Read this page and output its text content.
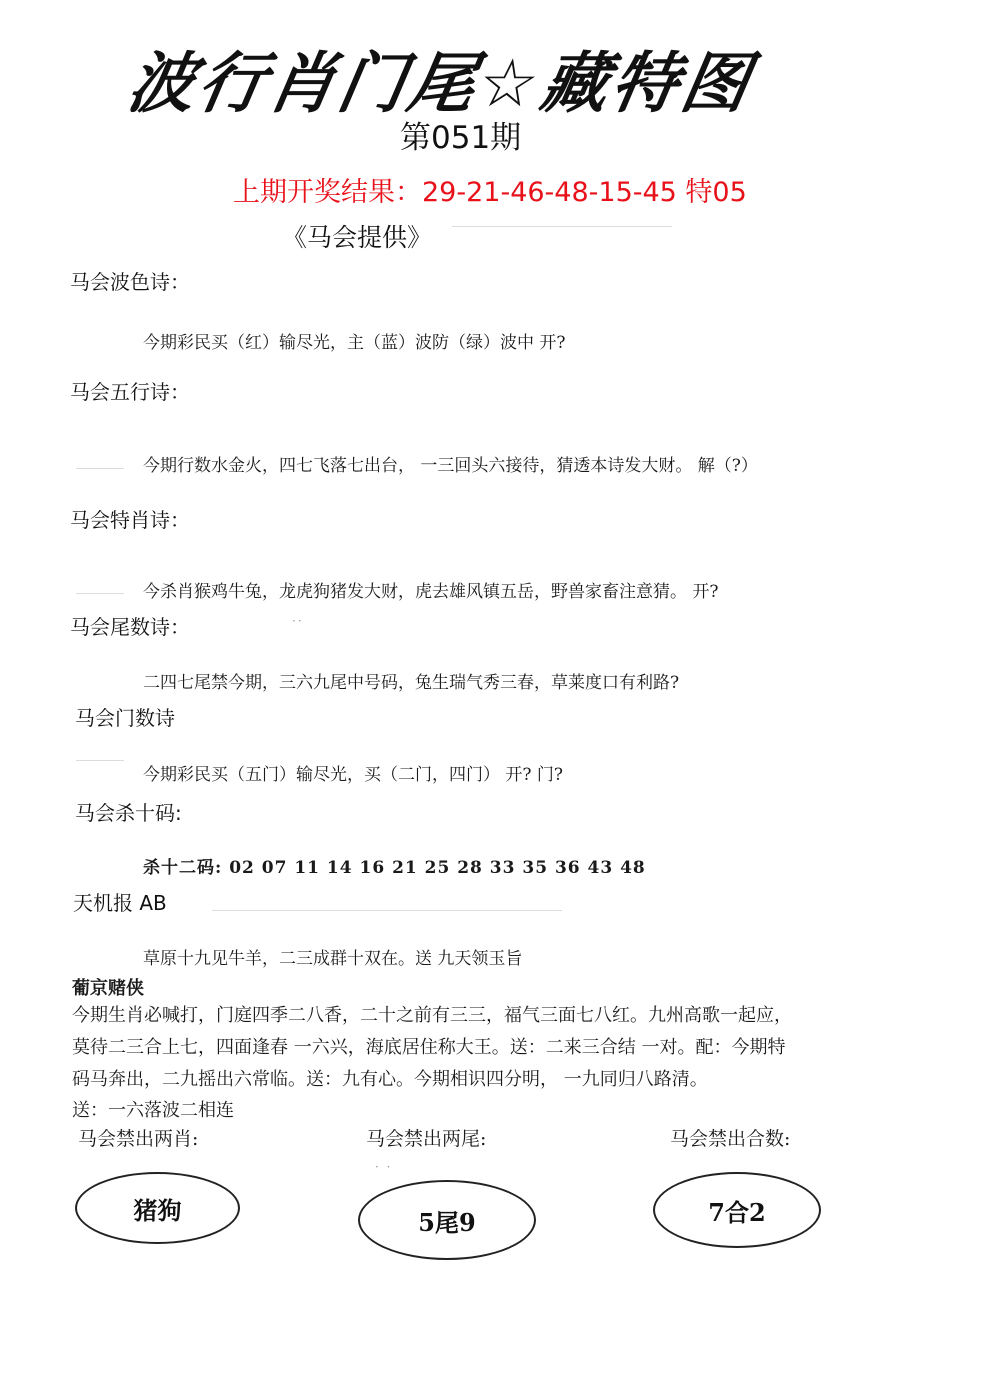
波行肖门尾☆藏特图
第051期
上期开奖结果：29-21-46-48-15-45 特05
《马会提供》
马会波色诗：
今期彩民买（红）输尽光，主（蓝）波防（绿）波中 开?
马会五行诗：
今期行数水金火，四七飞落七出台， 一三回头六接待，猜透本诗发大财。 解（?）
马会特肖诗：
今杀肖猴鸡牛兔，龙虎狗猪发大财，虎去雄风镇五岳，野兽家畜注意猜。 开?
马会尾数诗：	··
二四七尾禁今期，三六九尾中号码，兔生瑞气秀三春，草莱度口有利路?
马会门数诗
今期彩民买（五门）输尽光，买（二门，四门） 开? 门?
马会杀十码:
杀十二码: 02 07 11 14 16 21 25 28 33 35 36 43 48
天机报 AB
草原十九见牛羊，二三成群十双在。送 九天领玉旨
葡京赌侠
今期生肖必喊打，门庭四季二八香，二十之前有三三，福气三面七八红。九州高歌一起应，
莫待二三合上七，四面逢春 一六兴，海底居住称大王。送：二来三合结 一对。配：今期特
码马奔出，二九摇出六常临。送：九有心。今期相识四分明， 一九同归八路清。
送：一六落波二相连
马会禁出两肖:	马会禁出两尾:	马会禁出合数:
· ·
猪狗	5尾9	7合2
